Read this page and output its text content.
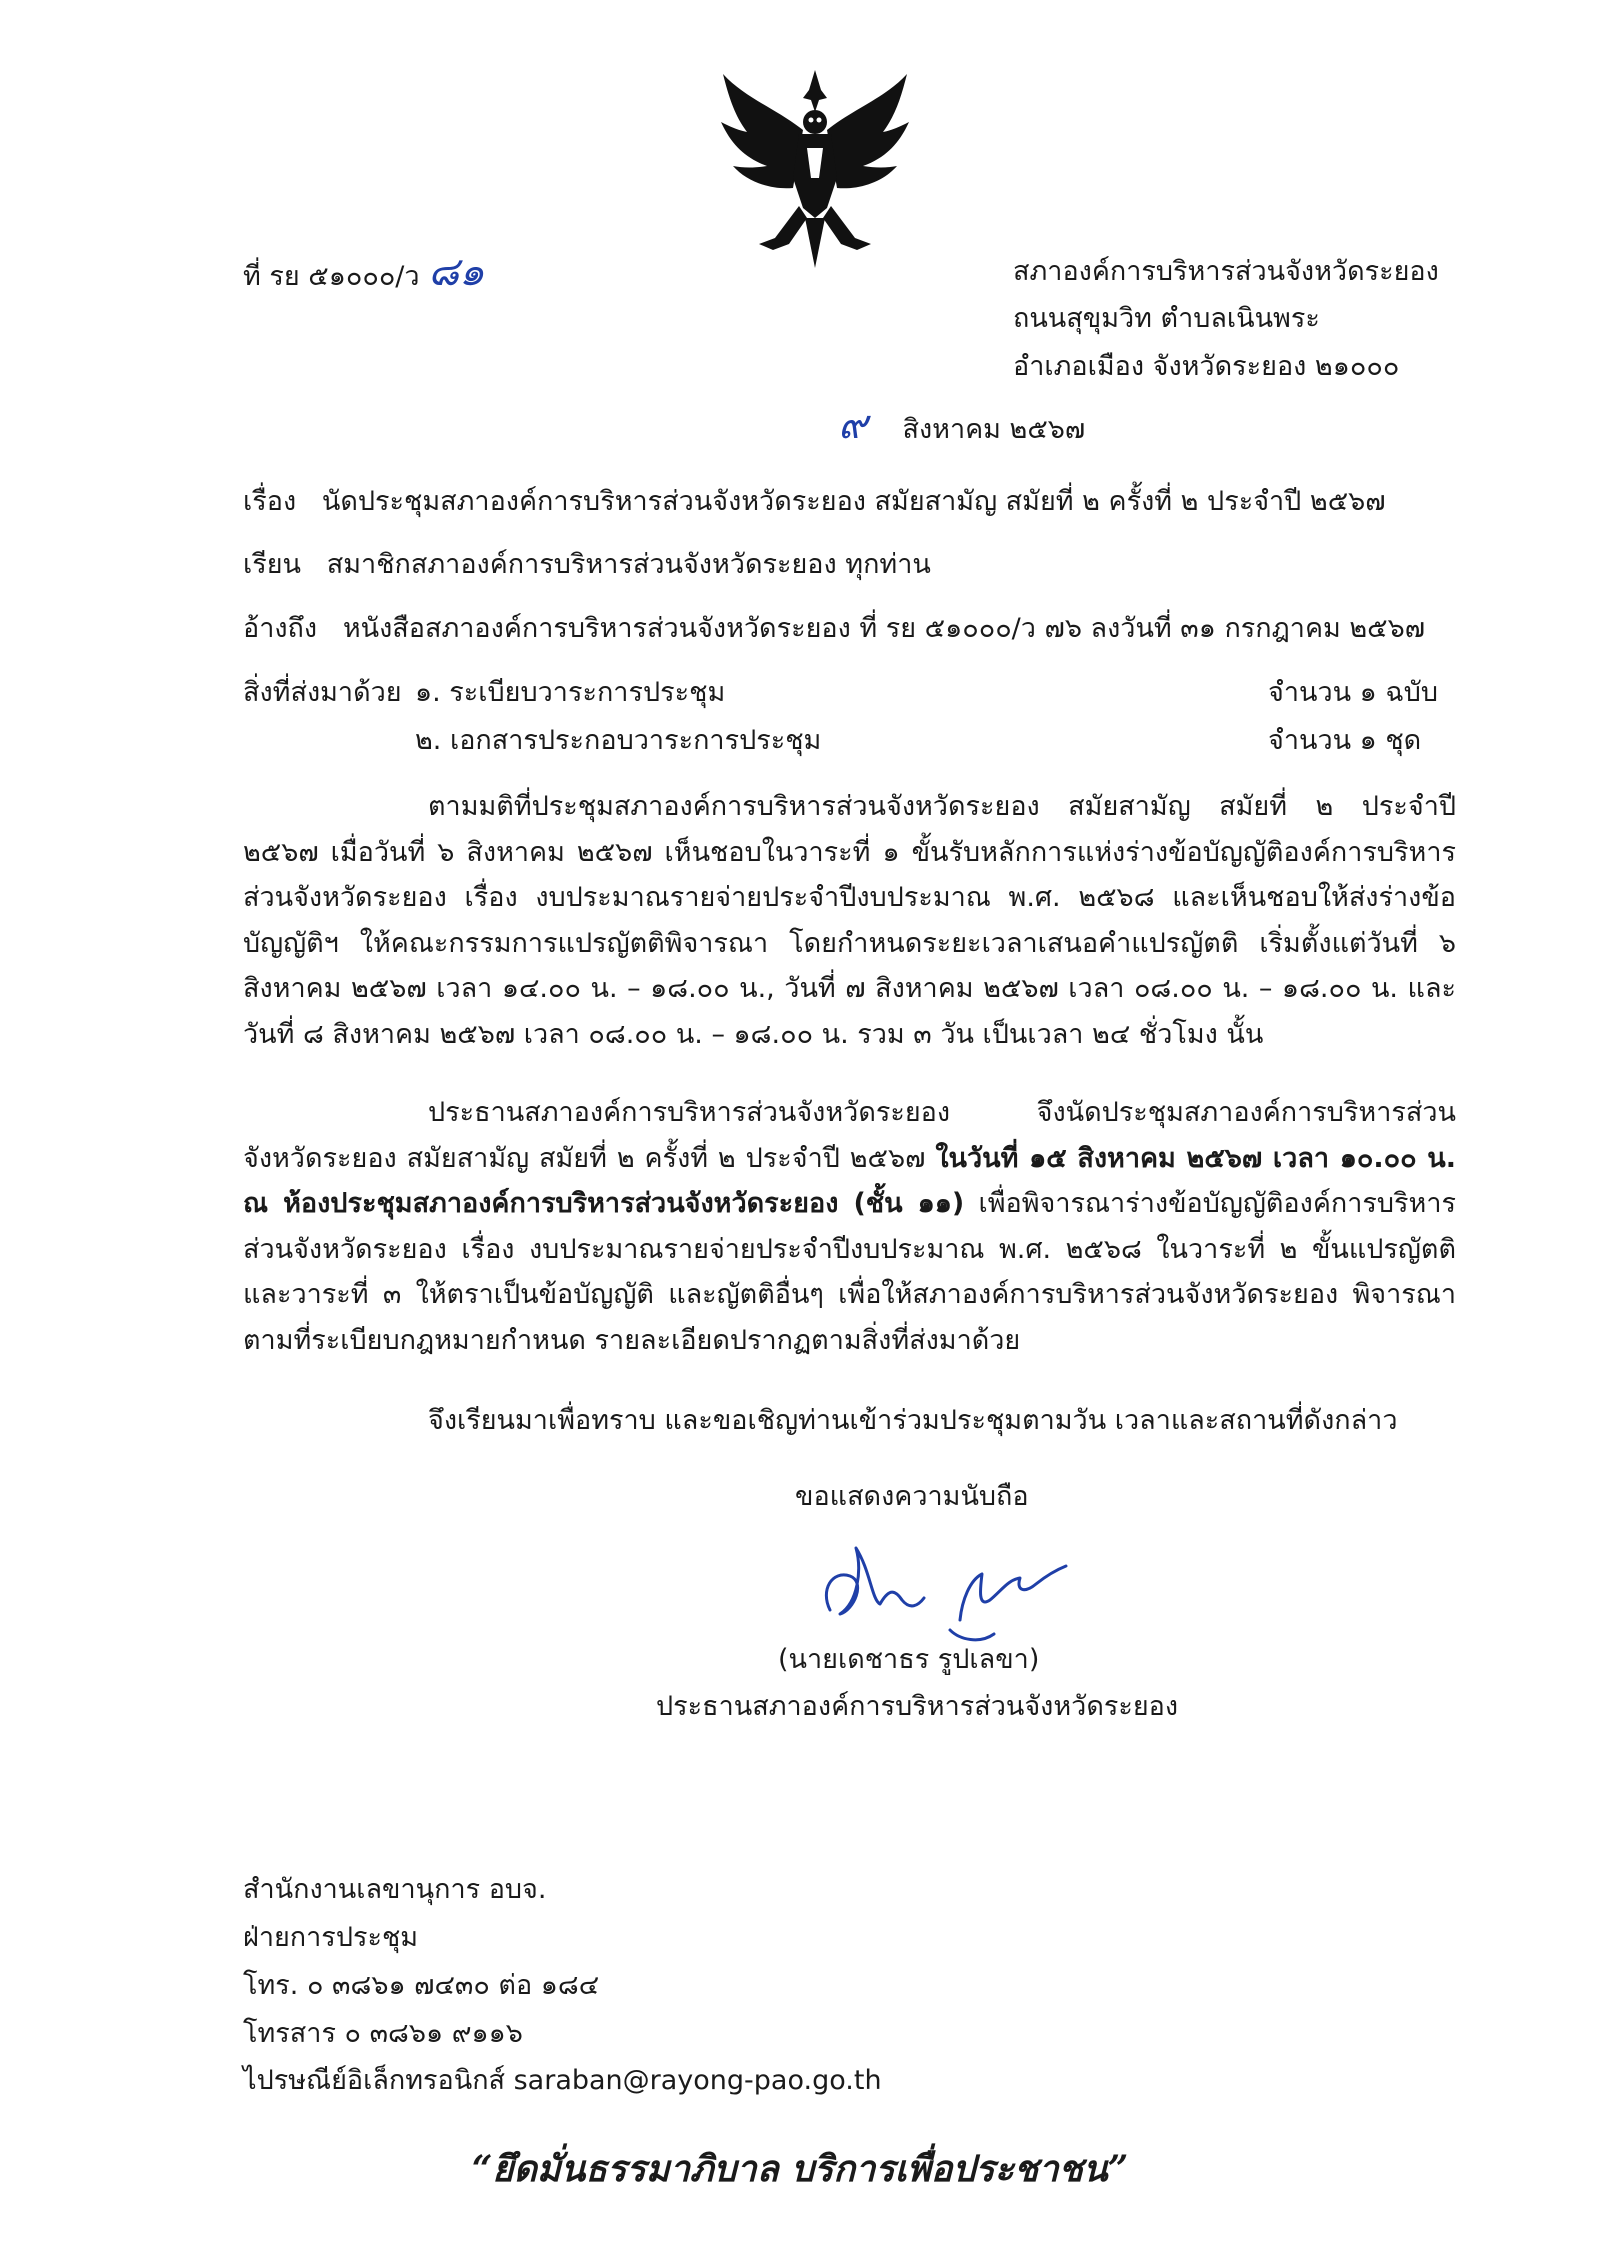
ที่ รย ๕๑๐๐๐/ว ๘๑	สภาองค์การบริหารส่วนจังหวัดระยอง
ถนนสุขุมวิท ตำบลเนินพระ
อำเภอเมือง จังหวัดระยอง ๒๑๐๐๐
๙ สิงหาคม ๒๕๖๗
เรื่อง นัดประชุมสภาองค์การบริหารส่วนจังหวัดระยอง สมัยสามัญ สมัยที่ ๒ ครั้งที่ ๒ ประจำปี ๒๕๖๗
เรียน สมาชิกสภาองค์การบริหารส่วนจังหวัดระยอง ทุกท่าน
อ้างถึง หนังสือสภาองค์การบริหารส่วนจังหวัดระยอง ที่ รย ๕๑๐๐๐/ว ๗๖ ลงวันที่ ๓๑ กรกฎาคม ๒๕๖๗
สิ่งที่ส่งมาด้วย ๑. ระเบียบวาระการประชุม	จำนวน ๑ ฉบับ
๒. เอกสารประกอบวาระการประชุม	จำนวน ๑ ชุด

ตามมติที่ประชุมสภาองค์การบริหารส่วนจังหวัดระยอง สมัยสามัญ สมัยที่ ๒ ประจำปี ๒๕๖๗ เมื่อวันที่ ๖ สิงหาคม ๒๕๖๗ เห็นชอบในวาระที่ ๑ ขั้นรับหลักการแห่งร่างข้อบัญญัติองค์การบริหารส่วนจังหวัดระยอง เรื่อง งบประมาณรายจ่ายประจำปีงบประมาณ พ.ศ. ๒๕๖๘ และเห็นชอบให้ส่งร่างข้อบัญญัติฯ ให้คณะกรรมการแปรญัตติพิจารณา โดยกำหนดระยะเวลาเสนอคำแปรญัตติ เริ่มตั้งแต่วันที่ ๖ สิงหาคม ๒๕๖๗ เวลา ๑๔.๐๐ น. – ๑๘.๐๐ น., วันที่ ๗ สิงหาคม ๒๕๖๗ เวลา ๐๘.๐๐ น. – ๑๘.๐๐ น. และวันที่ ๘ สิงหาคม ๒๕๖๗ เวลา ๐๘.๐๐ น. – ๑๘.๐๐ น. รวม ๓ วัน เป็นเวลา ๒๔ ชั่วโมง นั้น

ประธานสภาองค์การบริหารส่วนจังหวัดระยอง จึงนัดประชุมสภาองค์การบริหารส่วนจังหวัดระยอง สมัยสามัญ สมัยที่ ๒ ครั้งที่ ๒ ประจำปี ๒๕๖๗ ในวันที่ ๑๕ สิงหาคม ๒๕๖๗ เวลา ๑๐.๐๐ น. ณ ห้องประชุมสภาองค์การบริหารส่วนจังหวัดระยอง (ชั้น ๑๑) เพื่อพิจารณาร่างข้อบัญญัติองค์การบริหารส่วนจังหวัดระยอง เรื่อง งบประมาณรายจ่ายประจำปีงบประมาณ พ.ศ. ๒๕๖๘ ในวาระที่ ๒ ขั้นแปรญัตติ และวาระที่ ๓ ให้ตราเป็นข้อบัญญัติ และญัตติอื่นๆ เพื่อให้สภาองค์การบริหารส่วนจังหวัดระยอง พิจารณาตามที่ระเบียบกฎหมายกำหนด รายละเอียดปรากฏตามสิ่งที่ส่งมาด้วย

จึงเรียนมาเพื่อทราบ และขอเชิญท่านเข้าร่วมประชุมตามวัน เวลาและสถานที่ดังกล่าว

ขอแสดงความนับถือ
(นายเดชาธร รูปเลขา)
ประธานสภาองค์การบริหารส่วนจังหวัดระยอง
สำนักงานเลขานุการ อบจ.
ฝ่ายการประชุม
โทร. ๐ ๓๘๖๑ ๗๔๓๐ ต่อ ๑๘๔
โทรสาร ๐ ๓๘๖๑ ๙๑๑๖
ไปรษณีย์อิเล็กทรอนิกส์ saraban@rayong-pao.go.th
“ยึดมั่นธรรมาภิบาล บริการเพื่อประชาชน”
